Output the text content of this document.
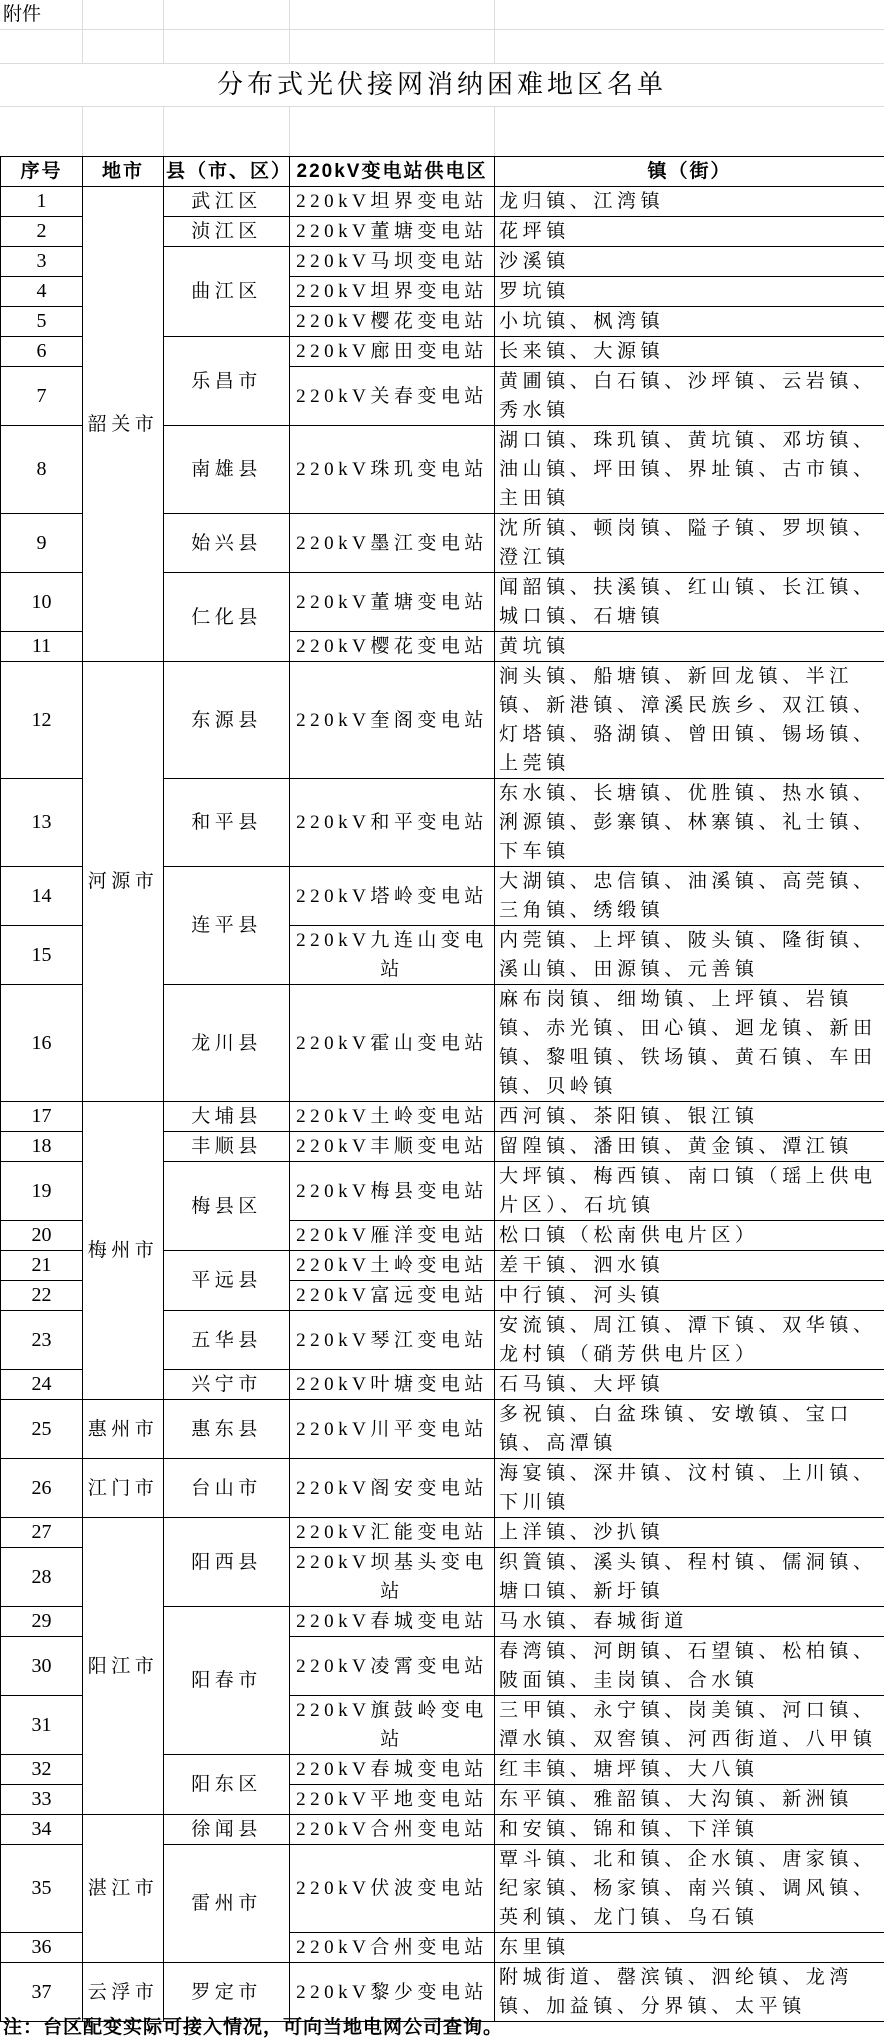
附件
分布式光伏接网消纳困难地区名单
序号	地市	县（市、区）	220kV变电站供电区	镇（街）
1	韶关市	武江区	220kV坦界变电站	龙归镇、江湾镇
2		浈江区	220kV董塘变电站	花坪镇
3		曲江区	220kV马坝变电站	沙溪镇
4			220kV坦界变电站	罗坑镇
5			220kV樱花变电站	小坑镇、枫湾镇
6		乐昌市	220kV廊田变电站	长来镇、大源镇
7			220kV关春变电站	黄圃镇、白石镇、沙坪镇、云岩镇、秀水镇
8		南雄县	220kV珠玑变电站	湖口镇、珠玑镇、黄坑镇、邓坊镇、油山镇、坪田镇、界址镇、古市镇、主田镇
9		始兴县	220kV墨江变电站	沈所镇、顿岗镇、隘子镇、罗坝镇、澄江镇
10		仁化县	220kV董塘变电站	闻韶镇、扶溪镇、红山镇、长江镇、城口镇、石塘镇
11			220kV樱花变电站	黄坑镇
12	河源市	东源县	220kV奎阁变电站	涧头镇、船塘镇、新回龙镇、半江镇、新港镇、漳溪民族乡、双江镇、灯塔镇、骆湖镇、曾田镇、锡场镇、上莞镇
13		和平县	220kV和平变电站	东水镇、长塘镇、优胜镇、热水镇、浰源镇、彭寨镇、林寨镇、礼士镇、下车镇
14		连平县	220kV塔岭变电站	大湖镇、忠信镇、油溪镇、高莞镇、三角镇、绣缎镇
15			220kV九连山变电站	内莞镇、上坪镇、陂头镇、隆街镇、溪山镇、田源镇、元善镇
16		龙川县	220kV霍山变电站	麻布岗镇、细坳镇、上坪镇、岩镇镇、赤光镇、田心镇、迴龙镇、新田镇、黎咀镇、铁场镇、黄石镇、车田镇、贝岭镇
17	梅州市	大埔县	220kV土岭变电站	西河镇、茶阳镇、银江镇
18		丰顺县	220kV丰顺变电站	留隍镇、潘田镇、黄金镇、潭江镇
19		梅县区	220kV梅县变电站	大坪镇、梅西镇、南口镇（瑶上供电片区）、石坑镇
20			220kV雁洋变电站	松口镇（松南供电片区）
21		平远县	220kV土岭变电站	差干镇、泗水镇
22			220kV富远变电站	中行镇、河头镇
23		五华县	220kV琴江变电站	安流镇、周江镇、潭下镇、双华镇、龙村镇（硝芳供电片区）
24		兴宁市	220kV叶塘变电站	石马镇、大坪镇
25	惠州市	惠东县	220kV川平变电站	多祝镇、白盆珠镇、安墩镇、宝口镇、高潭镇
26	江门市	台山市	220kV阁安变电站	海宴镇、深井镇、汶村镇、上川镇、下川镇
27	阳江市	阳西县	220kV汇能变电站	上洋镇、沙扒镇
28			220kV坝基头变电站	织篢镇、溪头镇、程村镇、儒洞镇、塘口镇、新圩镇
29		阳春市	220kV春城变电站	马水镇、春城街道
30			220kV凌霄变电站	春湾镇、河朗镇、石望镇、松柏镇、陂面镇、圭岗镇、合水镇
31			220kV旗鼓岭变电站	三甲镇、永宁镇、岗美镇、河口镇、潭水镇、双窖镇、河西街道、八甲镇
32		阳东区	220kV春城变电站	红丰镇、塘坪镇、大八镇
33			220kV平地变电站	东平镇、雅韶镇、大沟镇、新洲镇
34	湛江市	徐闻县	220kV合州变电站	和安镇、锦和镇、下洋镇
35		雷州市	220kV伏波变电站	覃斗镇、北和镇、企水镇、唐家镇、纪家镇、杨家镇、南兴镇、调风镇、英利镇、龙门镇、乌石镇
36			220kV合州变电站	东里镇
37	云浮市	罗定市	220kV黎少变电站	附城街道、罄滨镇、泗纶镇、龙湾镇、加益镇、分界镇、太平镇
注：台区配变实际可接入情况，可向当地电网公司查询。
